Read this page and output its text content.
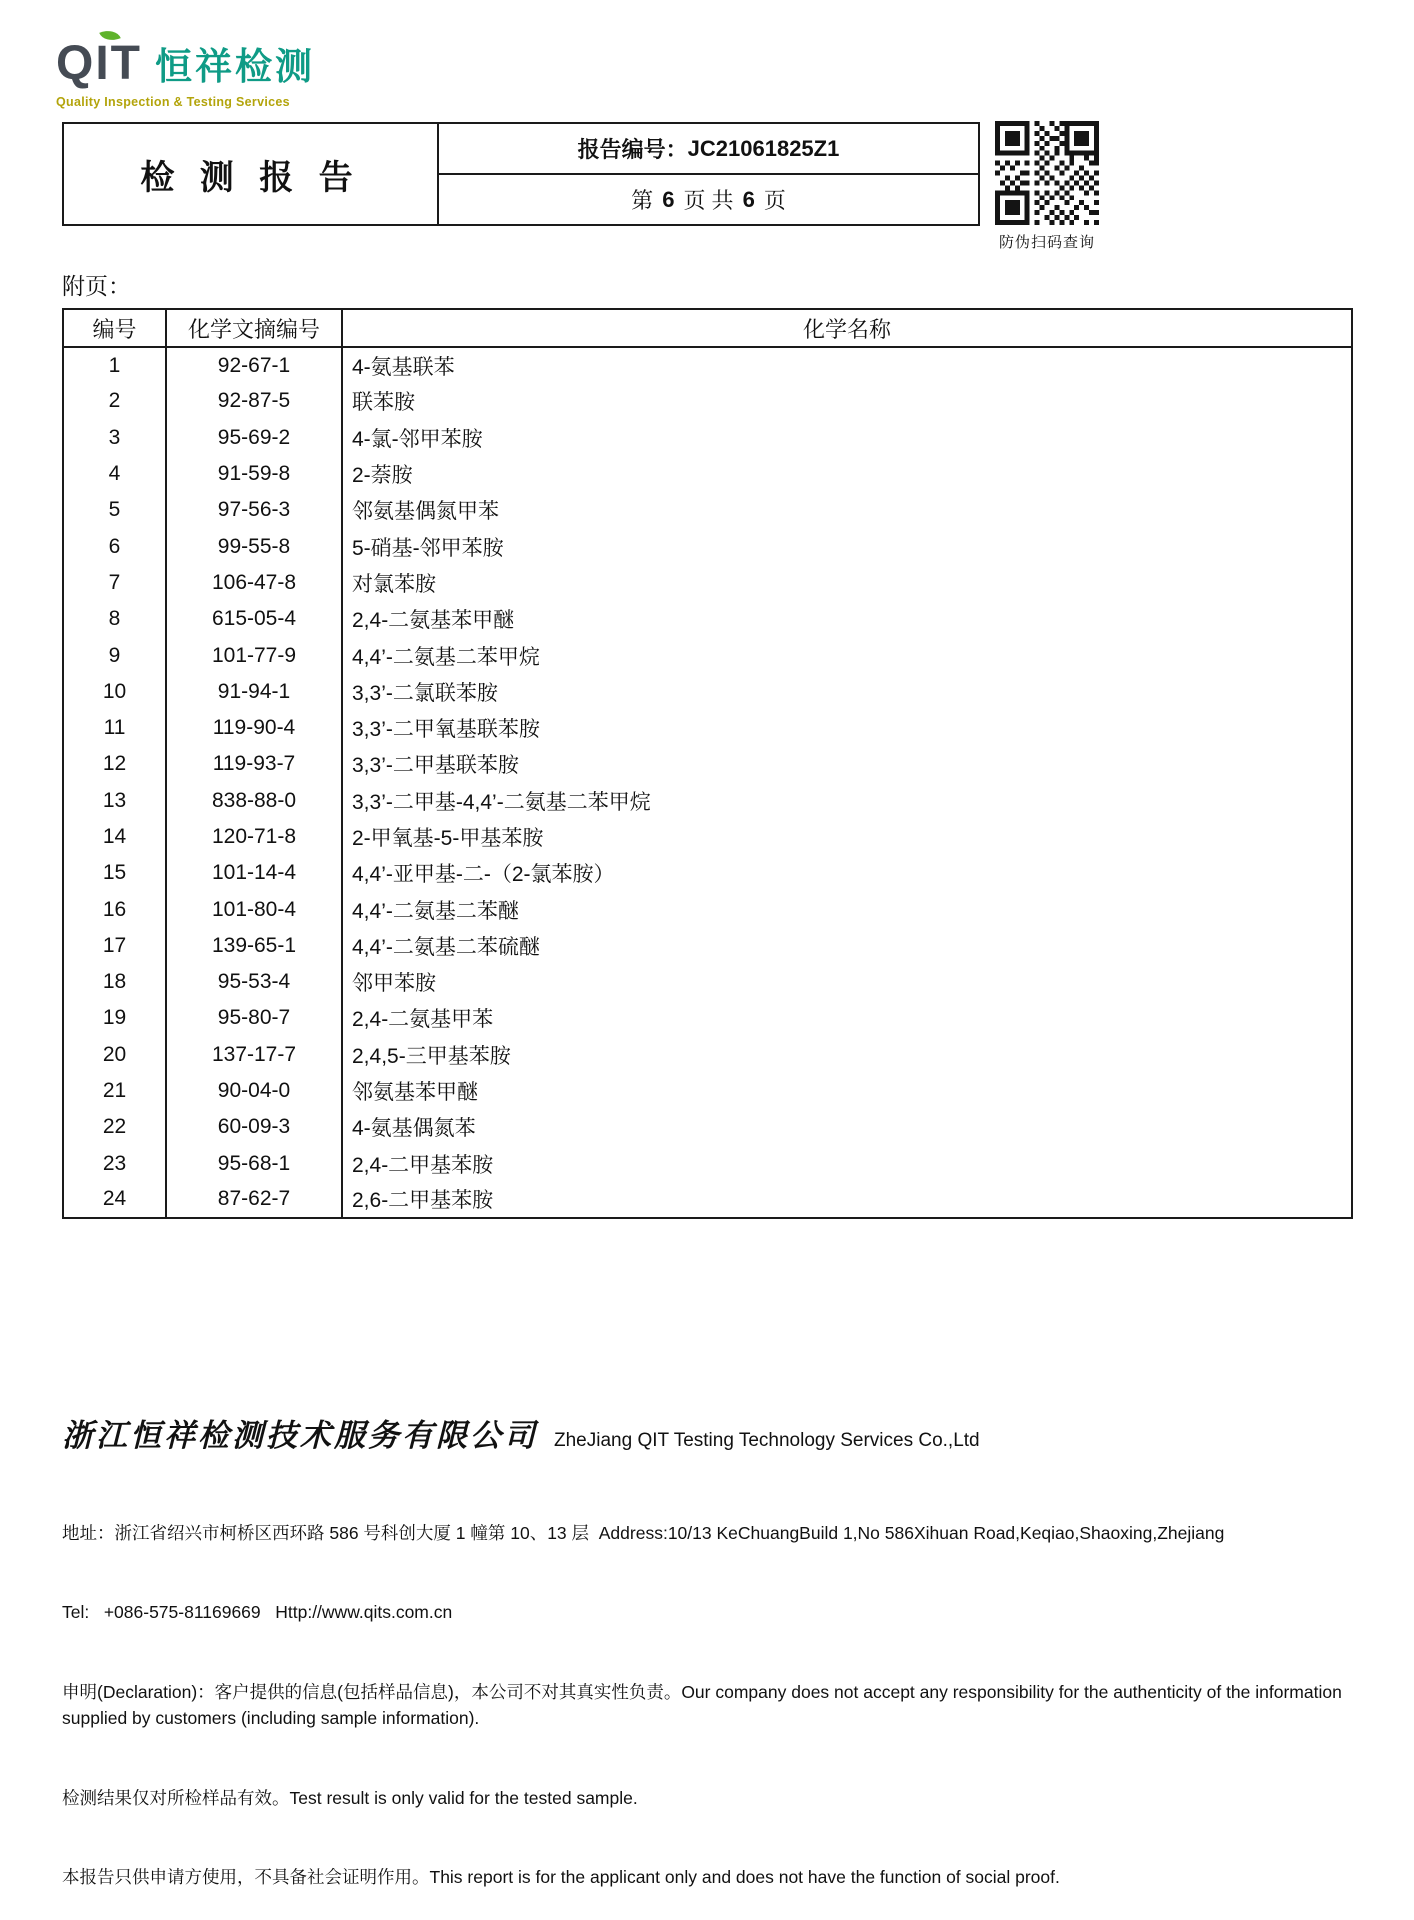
QIT 恒祥检测
Quality Inspection & Testing Services
检 测 报 告
报告编号： JC21061825Z1
第 6 页 共 6 页
防伪扫码查询
附页：
编号	化学文摘编号	化学名称
1	92-67-1	4-氨基联苯
2	92-87-5	联苯胺
3	95-69-2	4-氯-邻甲苯胺
4	91-59-8	2-萘胺
5	97-56-3	邻氨基偶氮甲苯
6	99-55-8	5-硝基-邻甲苯胺
7	106-47-8	对氯苯胺
8	615-05-4	2,4-二氨基苯甲醚
9	101-77-9	4,4’-二氨基二苯甲烷
10	91-94-1	3,3’-二氯联苯胺
11	119-90-4	3,3’-二甲氧基联苯胺
12	119-93-7	3,3’-二甲基联苯胺
13	838-88-0	3,3’-二甲基-4,4’-二氨基二苯甲烷
14	120-71-8	2-甲氧基-5-甲基苯胺
15	101-14-4	4,4’-亚甲基-二-（2-氯苯胺）
16	101-80-4	4,4’-二氨基二苯醚
17	139-65-1	4,4’-二氨基二苯硫醚
18	95-53-4	邻甲苯胺
19	95-80-7	2,4-二氨基甲苯
20	137-17-7	2,4,5-三甲基苯胺
21	90-04-0	邻氨基苯甲醚
22	60-09-3	4-氨基偶氮苯
23	95-68-1	2,4-二甲基苯胺
24	87-62-7	2,6-二甲基苯胺

浙江恒祥检测技术服务有限公司 ZheJiang QIT Testing Technology Services Co.,Ltd

地址：浙江省绍兴市柯桥区西环路 586 号科创大厦 1 幢第 10、13 层  Address:10/13 KeChuangBuild 1,No 586Xihuan Road,Keqiao,Shaoxing,Zhejiang

Tel:   +086-575-81169669   Http://www.qits.com.cn

申明(Declaration)：客户提供的信息(包括样品信息)，本公司不对其真实性负责。Our company does not accept any responsibility for the authenticity of the information supplied by customers (including sample information).

检测结果仅对所检样品有效。Test result is only valid for the tested sample.

本报告只供申请方使用，不具备社会证明作用。This report is for the applicant only and does not have the function of social proof.
